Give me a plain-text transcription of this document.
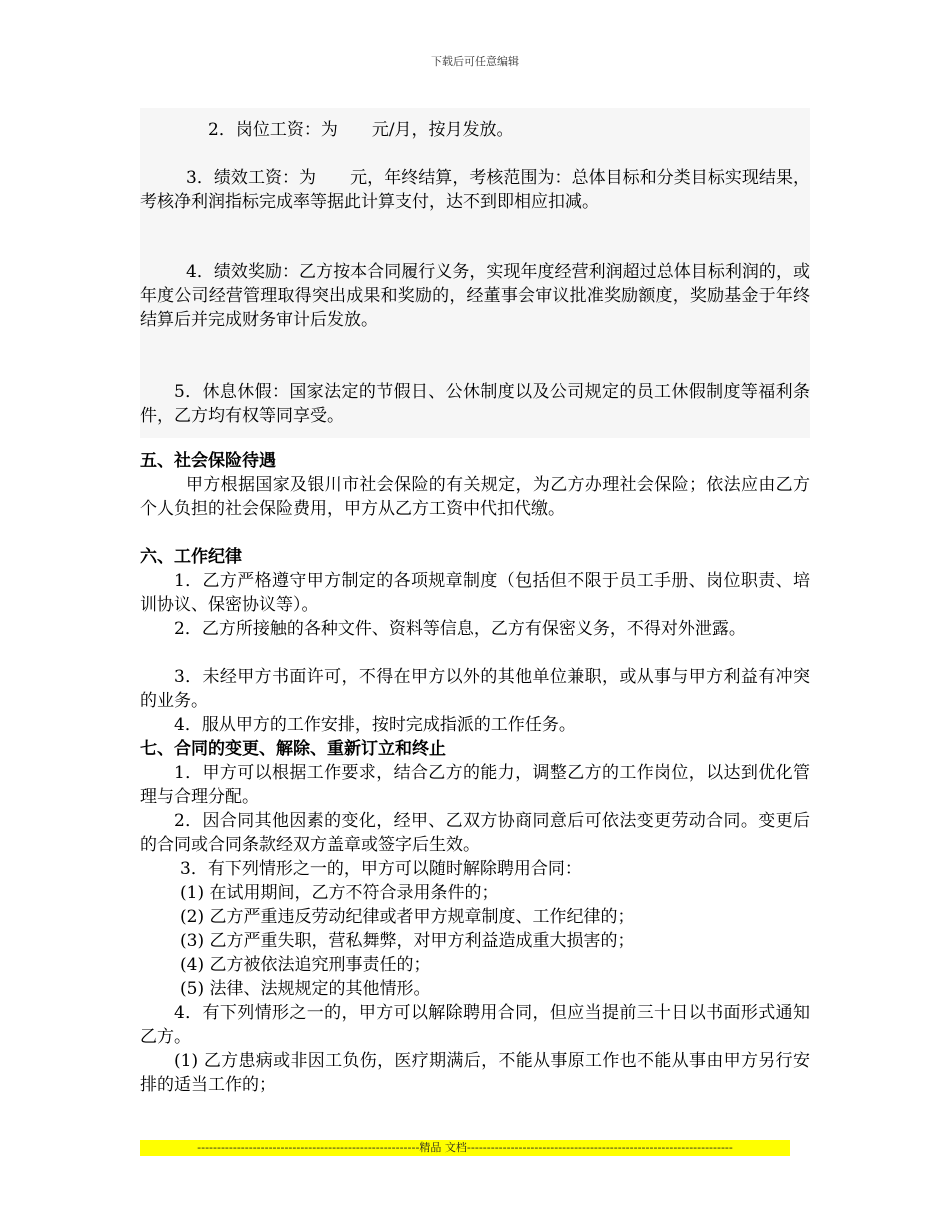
下载后可任意编辑

2．岗位工资：为　　元/月，按月发放。

3．绩效工资：为　　元，年终结算，考核范围为：总体目标和分类目标实现结果，考核净利润指标完成率等据此计算支付，达不到即相应扣减。

4．绩效奖励：乙方按本合同履行义务，实现年度经营利润超过总体目标利润的，或年度公司经营管理取得突出成果和奖励的，经董事会审议批准奖励额度，奖励基金于年终结算后并完成财务审计后发放。

5．休息休假：国家法定的节假日、公休制度以及公司规定的员工休假制度等福利条件，乙方均有权等同享受。

五、社会保险待遇

甲方根据国家及银川市社会保险的有关规定，为乙方办理社会保险；依法应由乙方个人负担的社会保险费用，甲方从乙方工资中代扣代缴。

六、工作纪律

1．乙方严格遵守甲方制定的各项规章制度（包括但不限于员工手册、岗位职责、培训协议、保密协议等）。

2．乙方所接触的各种文件、资料等信息，乙方有保密义务，不得对外泄露。

3．未经甲方书面许可，不得在甲方以外的其他单位兼职，或从事与甲方利益有冲突的业务。

4．服从甲方的工作安排，按时完成指派的工作任务。

七、合同的变更、解除、重新订立和终止

1．甲方可以根据工作要求，结合乙方的能力，调整乙方的工作岗位，以达到优化管理与合理分配。

2．因合同其他因素的变化，经甲、乙双方协商同意后可依法变更劳动合同。变更后的合同或合同条款经双方盖章或签字后生效。

3．有下列情形之一的，甲方可以随时解除聘用合同：

(1) 在试用期间，乙方不符合录用条件的；

(2) 乙方严重违反劳动纪律或者甲方规章制度、工作纪律的；

(3) 乙方严重失职，营私舞弊，对甲方利益造成重大损害的；

(4) 乙方被依法追究刑事责任的；

(5) 法律、法规规定的其他情形。

4．有下列情形之一的，甲方可以解除聘用合同，但应当提前三十日以书面形式通知乙方。

(1) 乙方患病或非因工负伤，医疗期满后，不能从事原工作也不能从事由甲方另行安排的适当工作的；

--------------------------------------------------------精品 文档-------------------------------------------------------------------
